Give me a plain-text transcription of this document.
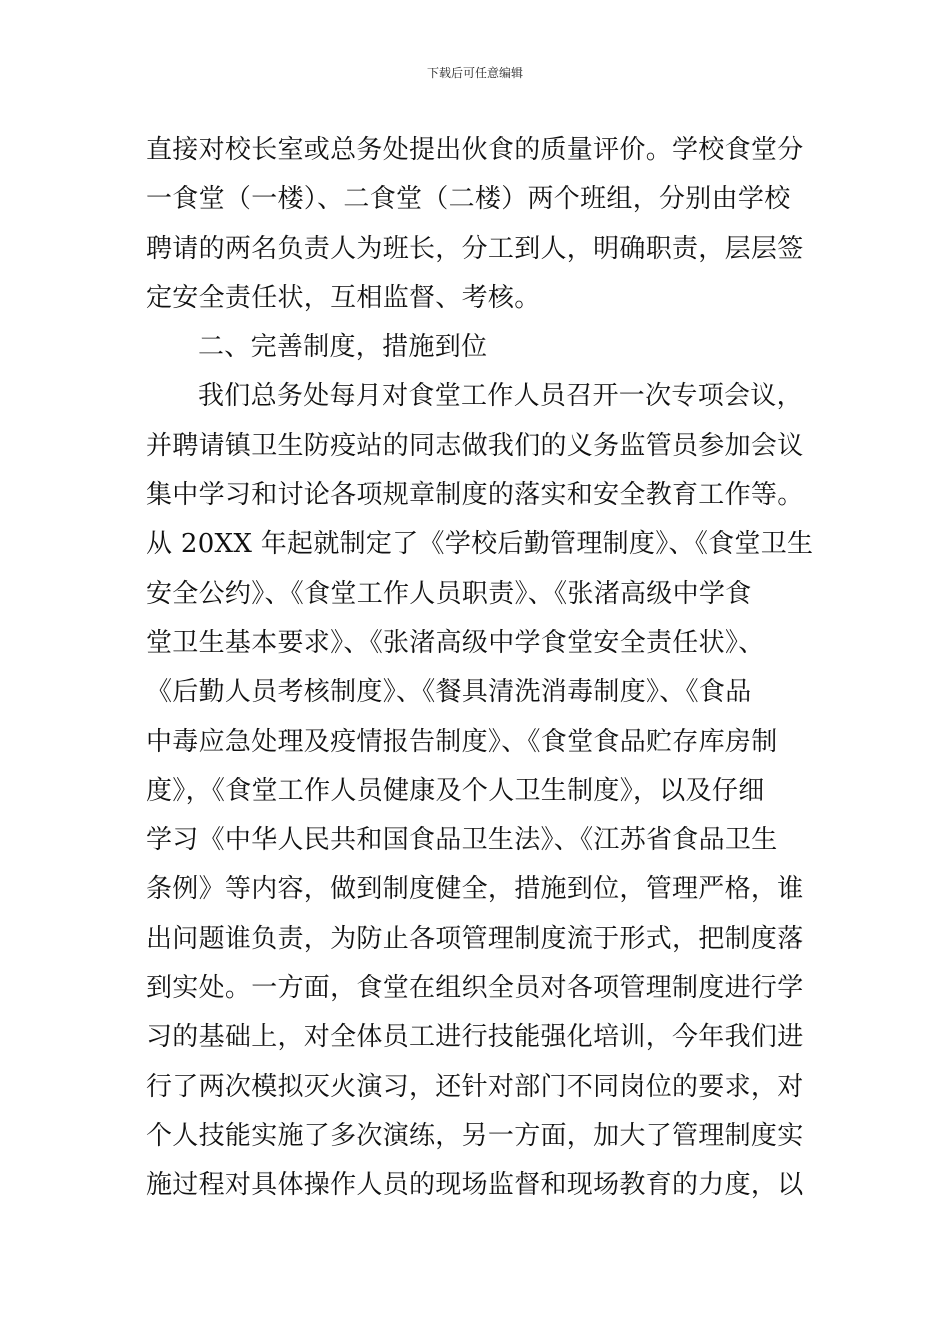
下载后可任意编辑
直接对校长室或总务处提出伙食的质量评价。学校食堂分
一食堂（一楼）、二食堂（二楼）两个班组，分别由学校
聘请的两名负责人为班长，分工到人，明确职责，层层签
定安全责任状，互相监督、考核。
二、完善制度，措施到位
我们总务处每月对食堂工作人员召开一次专项会议，
并聘请镇卫生防疫站的同志做我们的义务监管员参加会议
集中学习和讨论各项规章制度的落实和安全教育工作等。
从 20XX 年起就制定了《学校后勤管理制度》、《食堂卫生
安全公约》、《食堂工作人员职责》、《张渚高级中学食
堂卫生基本要求》、《张渚高级中学食堂安全责任状》、
《后勤人员考核制度》、《餐具清洗消毒制度》、《食品
中毒应急处理及疫情报告制度》、《食堂食品贮存库房制
度》，《食堂工作人员健康及个人卫生制度》，以及仔细
学习《中华人民共和国食品卫生法》、《江苏省食品卫生
条例》等内容，做到制度健全，措施到位，管理严格，谁
出问题谁负责，为防止各项管理制度流于形式，把制度落
到实处。一方面，食堂在组织全员对各项管理制度进行学
习的基础上，对全体员工进行技能强化培训，今年我们进
行了两次模拟灭火演习，还针对部门不同岗位的要求，对
个人技能实施了多次演练，另一方面，加大了管理制度实
施过程对具体操作人员的现场监督和现场教育的力度，以
